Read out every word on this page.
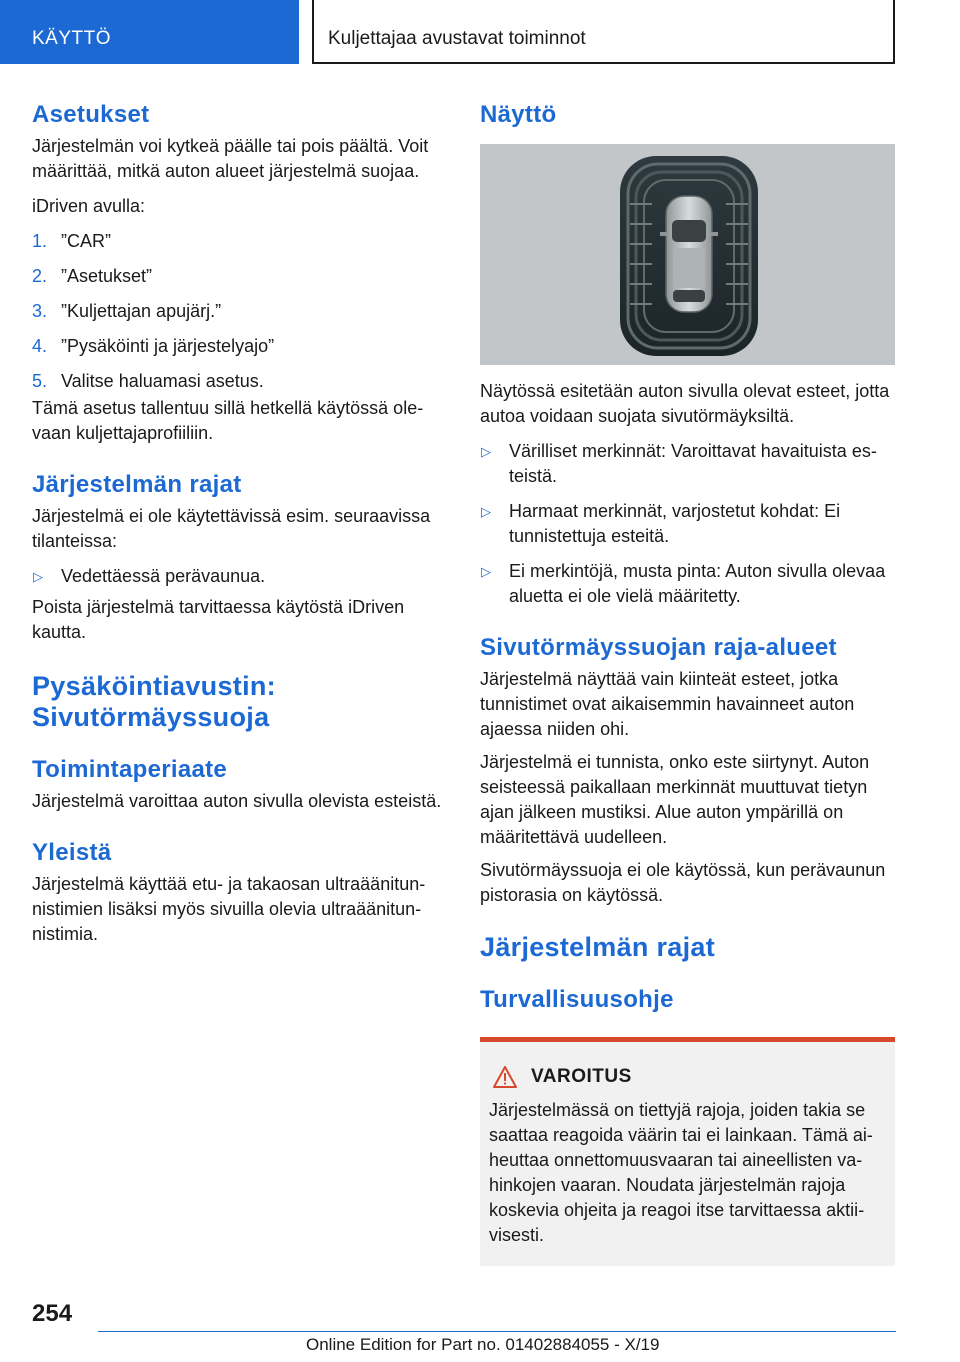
KÄYTTÖ	Kuljettajaa avustavat toiminnot
Asetukset

Järjestelmän voi kytkeä päälle tai pois päältä. Voit määrittää, mitkä auton alueet järjestelmä suojaa.

iDriven avulla:

1. ”CAR”
2. ”Asetukset”
3. ”Kuljettajan apujärj.”
4. ”Pysäköinti ja järjestelyajo”
5. Valitse haluamasi asetus.

Tämä asetus tallentuu sillä hetkellä käytössä olevaan kuljettajaprofiiliin.

Järjestelmän rajat

Järjestelmä ei ole käytettävissä esim. seuraavissa tilanteissa:

▷ Vedettäessä perävaunua.

Poista järjestelmä tarvittaessa käytöstä iDriven kautta.

Pysäköintiavustin:
Sivutörmäyssuoja
Toimintaperiaate

Järjestelmä varoittaa auton sivulla olevista esteistä.

Yleistä

Järjestelmä käyttää etu- ja takaosan ultraäänitunnistimien lisäksi myös sivuilla olevia ultraäänitunnistimia.

Näyttö

Näytössä esitetään auton sivulla olevat esteet, jotta autoa voidaan suojata sivutörmäyksiltä.

▷ Värilliset merkinnät: Varoittavat havaituista esteistä.
▷ Harmaat merkinnät, varjostetut kohdat: Ei tunnistettuja esteitä.
▷ Ei merkintöjä, musta pinta: Auton sivulla olevaa aluetta ei ole vielä määritetty.
Sivutörmäyssuojan raja-alueet

Järjestelmä näyttää vain kiinteät esteet, jotka tunnistimet ovat aikaisemmin havainneet auton ajaessa niiden ohi.

Järjestelmä ei tunnista, onko este siirtynyt. Auton seisteessä paikallaan merkinnät muuttuvat tietyn ajan jälkeen mustiksi. Alue auton ympärillä on määritettävä uudelleen.

Sivutörmäyssuoja ei ole käytössä, kun perävaunun pistorasia on käytössä.

Järjestelmän rajat
Turvallisuusohje
VAROITUS

Järjestelmässä on tiettyjä rajoja, joiden takia se saattaa reagoida väärin tai ei lainkaan. Tämä aiheuttaa onnettomuusvaaran tai aineellisten vahinkojen vaaran. Noudata järjestelmän rajoja koskevia ohjeita ja reagoi itse tarvittaessa aktiivisesti.

254
Online Edition for Part no. 01402884055 - X/19
